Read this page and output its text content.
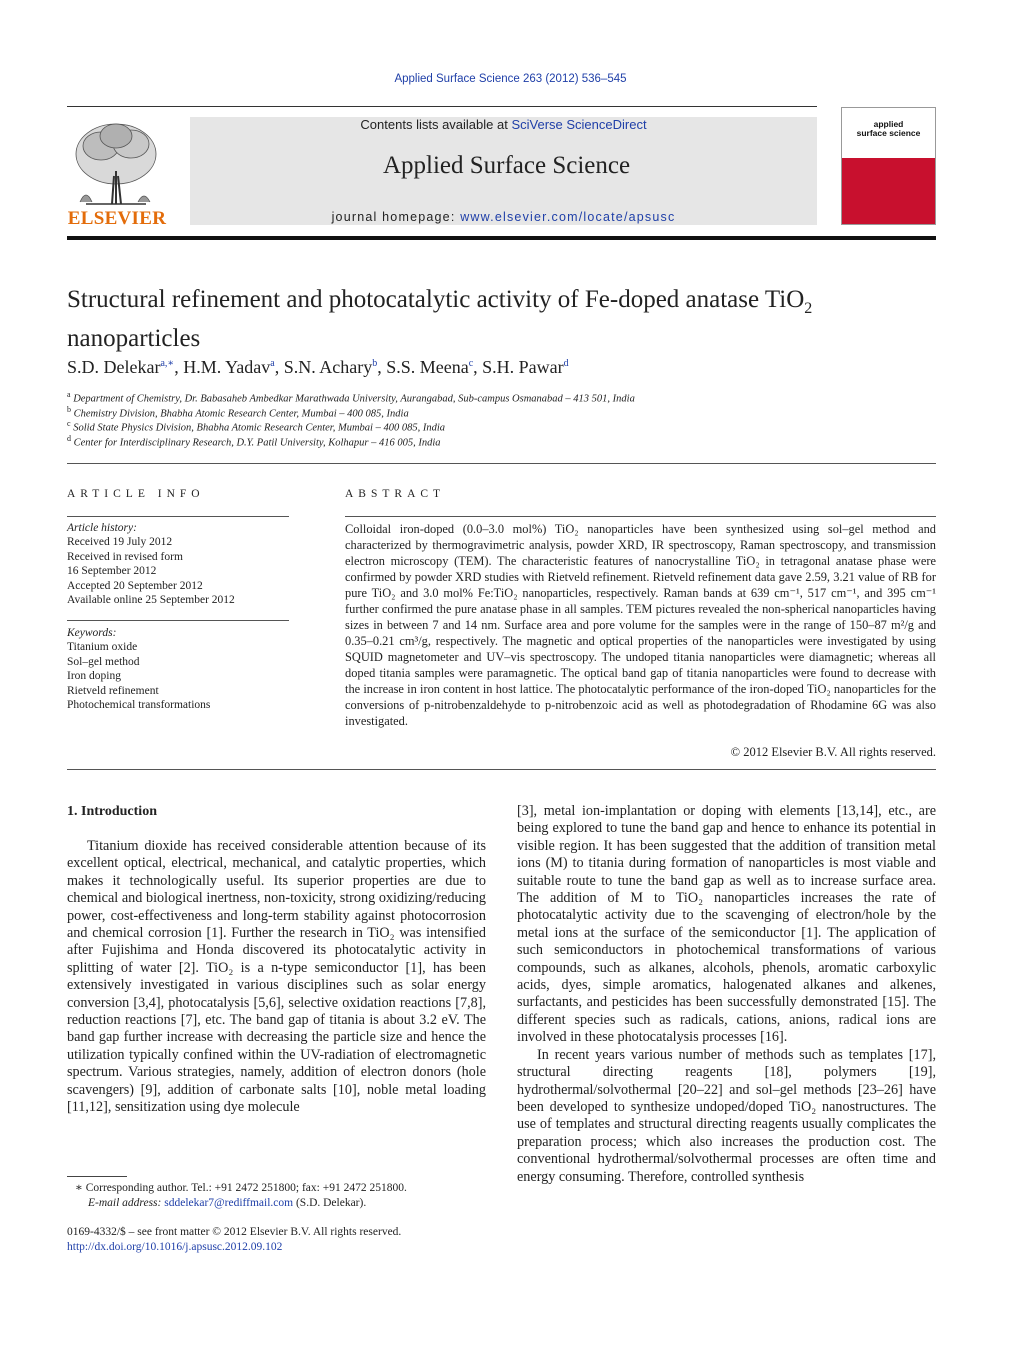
Applied Surface Science 263 (2012) 536–545
ELSEVIER
Contents lists available at SciVerse ScienceDirect
Applied Surface Science
journal homepage: www.elsevier.com/locate/apsusc
applied
surface science
Structural refinement and photocatalytic activity of Fe-doped anatase TiO$_2$
nanoparticles
S.D. Delekar$^{a,∗}$, H.M. Yadav$^a$, S.N. Achary$^b$, S.S. Meena$^c$, S.H. Pawar$^d$
$^a$ Department of Chemistry, Dr. Babasaheb Ambedkar Marathwada University, Aurangabad, Sub-campus Osmanabad – 413 501, India
$^b$ Chemistry Division, Bhabha Atomic Research Center, Mumbai – 400 085, India
$^c$ Solid State Physics Division, Bhabha Atomic Research Center, Mumbai – 400 085, India
$^d$ Center for Interdisciplinary Research, D.Y. Patil University, Kolhapur – 416 005, India
ARTICLE INFO
Article history:
Received 19 July 2012
Received in revised form
16 September 2012
Accepted 20 September 2012
Available online 25 September 2012
Keywords:
Titanium oxide
Sol–gel method
Iron doping
Rietveld refinement
Photochemical transformations
ABSTRACT
Colloidal iron-doped (0.0–3.0 mol%) TiO₂ nanoparticles have been synthesized using sol–gel method and characterized by thermogravimetric analysis, powder XRD, IR spectroscopy, Raman spectroscopy, and transmission electron microscopy (TEM). The characteristic features of nanocrystalline TiO₂ in tetragonal anatase phase were confirmed by powder XRD studies with Rietveld refinement. Rietveld refinement data gave 2.59, 3.21 value of RB for pure TiO₂ and 3.0 mol% Fe:TiO₂ nanoparticles, respectively. Raman bands at 639 cm⁻¹, 517 cm⁻¹, and 395 cm⁻¹ further confirmed the pure anatase phase in all samples. TEM pictures revealed the non-spherical nanoparticles having sizes in between 7 and 14 nm. Surface area and pore volume for the samples were in the range of 150–87 m²/g and 0.35–0.21 cm³/g, respectively. The magnetic and optical properties of the nanoparticles were investigated by using SQUID magnetometer and UV–vis spectroscopy. The undoped titania nanoparticles were diamagnetic; whereas all doped titania samples were paramagnetic. The optical band gap of titania nanoparticles were found to decrease with the increase in iron content in host lattice. The photocatalytic performance of the iron-doped TiO₂ nanoparticles for the conversions of p-nitrobenzaldehyde to p-nitrobenzoic acid as well as photodegradation of Rhodamine 6G was also investigated.
© 2012 Elsevier B.V. All rights reserved.
1. Introduction

Titanium dioxide has received considerable attention because of its excellent optical, electrical, mechanical, and catalytic properties, which makes it technologically useful. Its superior properties are due to chemical and biological inertness, non-toxicity, strong oxidizing/reducing power, cost-effectiveness and long-term stability against photocorrosion and chemical corrosion [1]. Further the research in TiO₂ was intensified after Fujishima and Honda discovered its photocatalytic activity in splitting of water [2]. TiO₂ is a n-type semiconductor [1], has been extensively investigated in various disciplines such as solar energy conversion [3,4], photocatalysis [5,6], selective oxidation reactions [7,8], reduction reactions [7], etc. The band gap of titania is about 3.2 eV. The band gap further increase with decreasing the particle size and hence the utilization typically confined within the UV-radiation of electromagnetic spectrum. Various strategies, namely, addition of electron donors (hole scavengers) [9], addition of carbonate salts [10], noble metal loading [11,12], sensitization using dye molecule

[3], metal ion-implantation or doping with elements [13,14], etc., are being explored to tune the band gap and hence to enhance its potential in visible region. It has been suggested that the addition of transition metal ions (M) to titania during formation of nanoparticles is most viable and suitable route to tune the band gap as well as to increase surface area. The addition of M to TiO₂ nanoparticles increases the rate of photocatalytic activity due to the scavenging of electron/hole by the metal ions at the surface of the semiconductor [1]. The application of such semiconductors in photochemical transformations of various compounds, such as alkanes, alcohols, phenols, aromatic carboxylic acids, dyes, simple aromatics, halogenated alkanes and alkenes, surfactants, and pesticides has been successfully demonstrated [15]. The different species such as radicals, cations, anions, radical ions are involved in these photocatalysis processes [16].

In recent years various number of methods such as templates [17], structural directing reagents [18], polymers [19], hydrothermal/solvothermal [20–22] and sol–gel methods [23–26] have been developed to synthesize undoped/doped TiO₂ nanostructures. The use of templates and structural directing reagents usually complicates the preparation process; which also increases the production cost. The conventional hydrothermal/solvothermal processes are often time and energy consuming. Therefore, controlled synthesis

∗ Corresponding author. Tel.: +91 2472 251800; fax: +91 2472 251800.
E-mail address: sddelekar7@rediffmail.com (S.D. Delekar).
0169-4332/$ – see front matter © 2012 Elsevier B.V. All rights reserved.
http://dx.doi.org/10.1016/j.apsusc.2012.09.102
